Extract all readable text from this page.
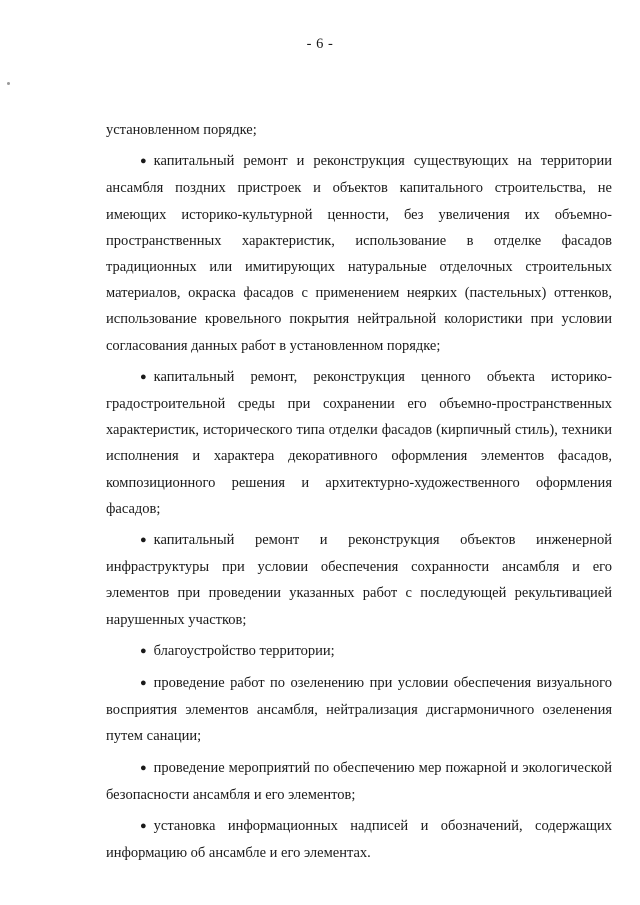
- 6 -

установленном порядке;

● капитальный ремонт и реконструкция существующих на территории ансамбля поздних пристроек и объектов капитального строительства, не имеющих историко-культурной ценности, без увеличения их объемно-пространственных характеристик, использование в отделке фасадов традиционных или имитирующих натуральные отделочных строительных материалов, окраска фасадов с применением неярких (пастельных) оттенков, использование кровельного покрытия нейтральной колористики при условии согласования данных работ в установленном порядке;

● капитальный ремонт, реконструкция ценного объекта историко-градостроительной среды при сохранении его объемно-пространственных характеристик, исторического типа отделки фасадов (кирпичный стиль), техники исполнения и характера декоративного оформления элементов фасадов, композиционного решения и архитектурно-художественного оформления фасадов;

● капитальный ремонт и реконструкция объектов инженерной инфраструктуры при условии обеспечения сохранности ансамбля и его элементов при проведении указанных работ с последующей рекультивацией нарушенных участков;

● благоустройство территории;

● проведение работ по озеленению при условии обеспечения визуального восприятия элементов ансамбля, нейтрализация дисгармоничного озеленения путем санации;

● проведение мероприятий по обеспечению мер пожарной и экологической безопасности ансамбля и его элементов;

● установка информационных надписей и обозначений, содержащих информацию об ансамбле и его элементах.
